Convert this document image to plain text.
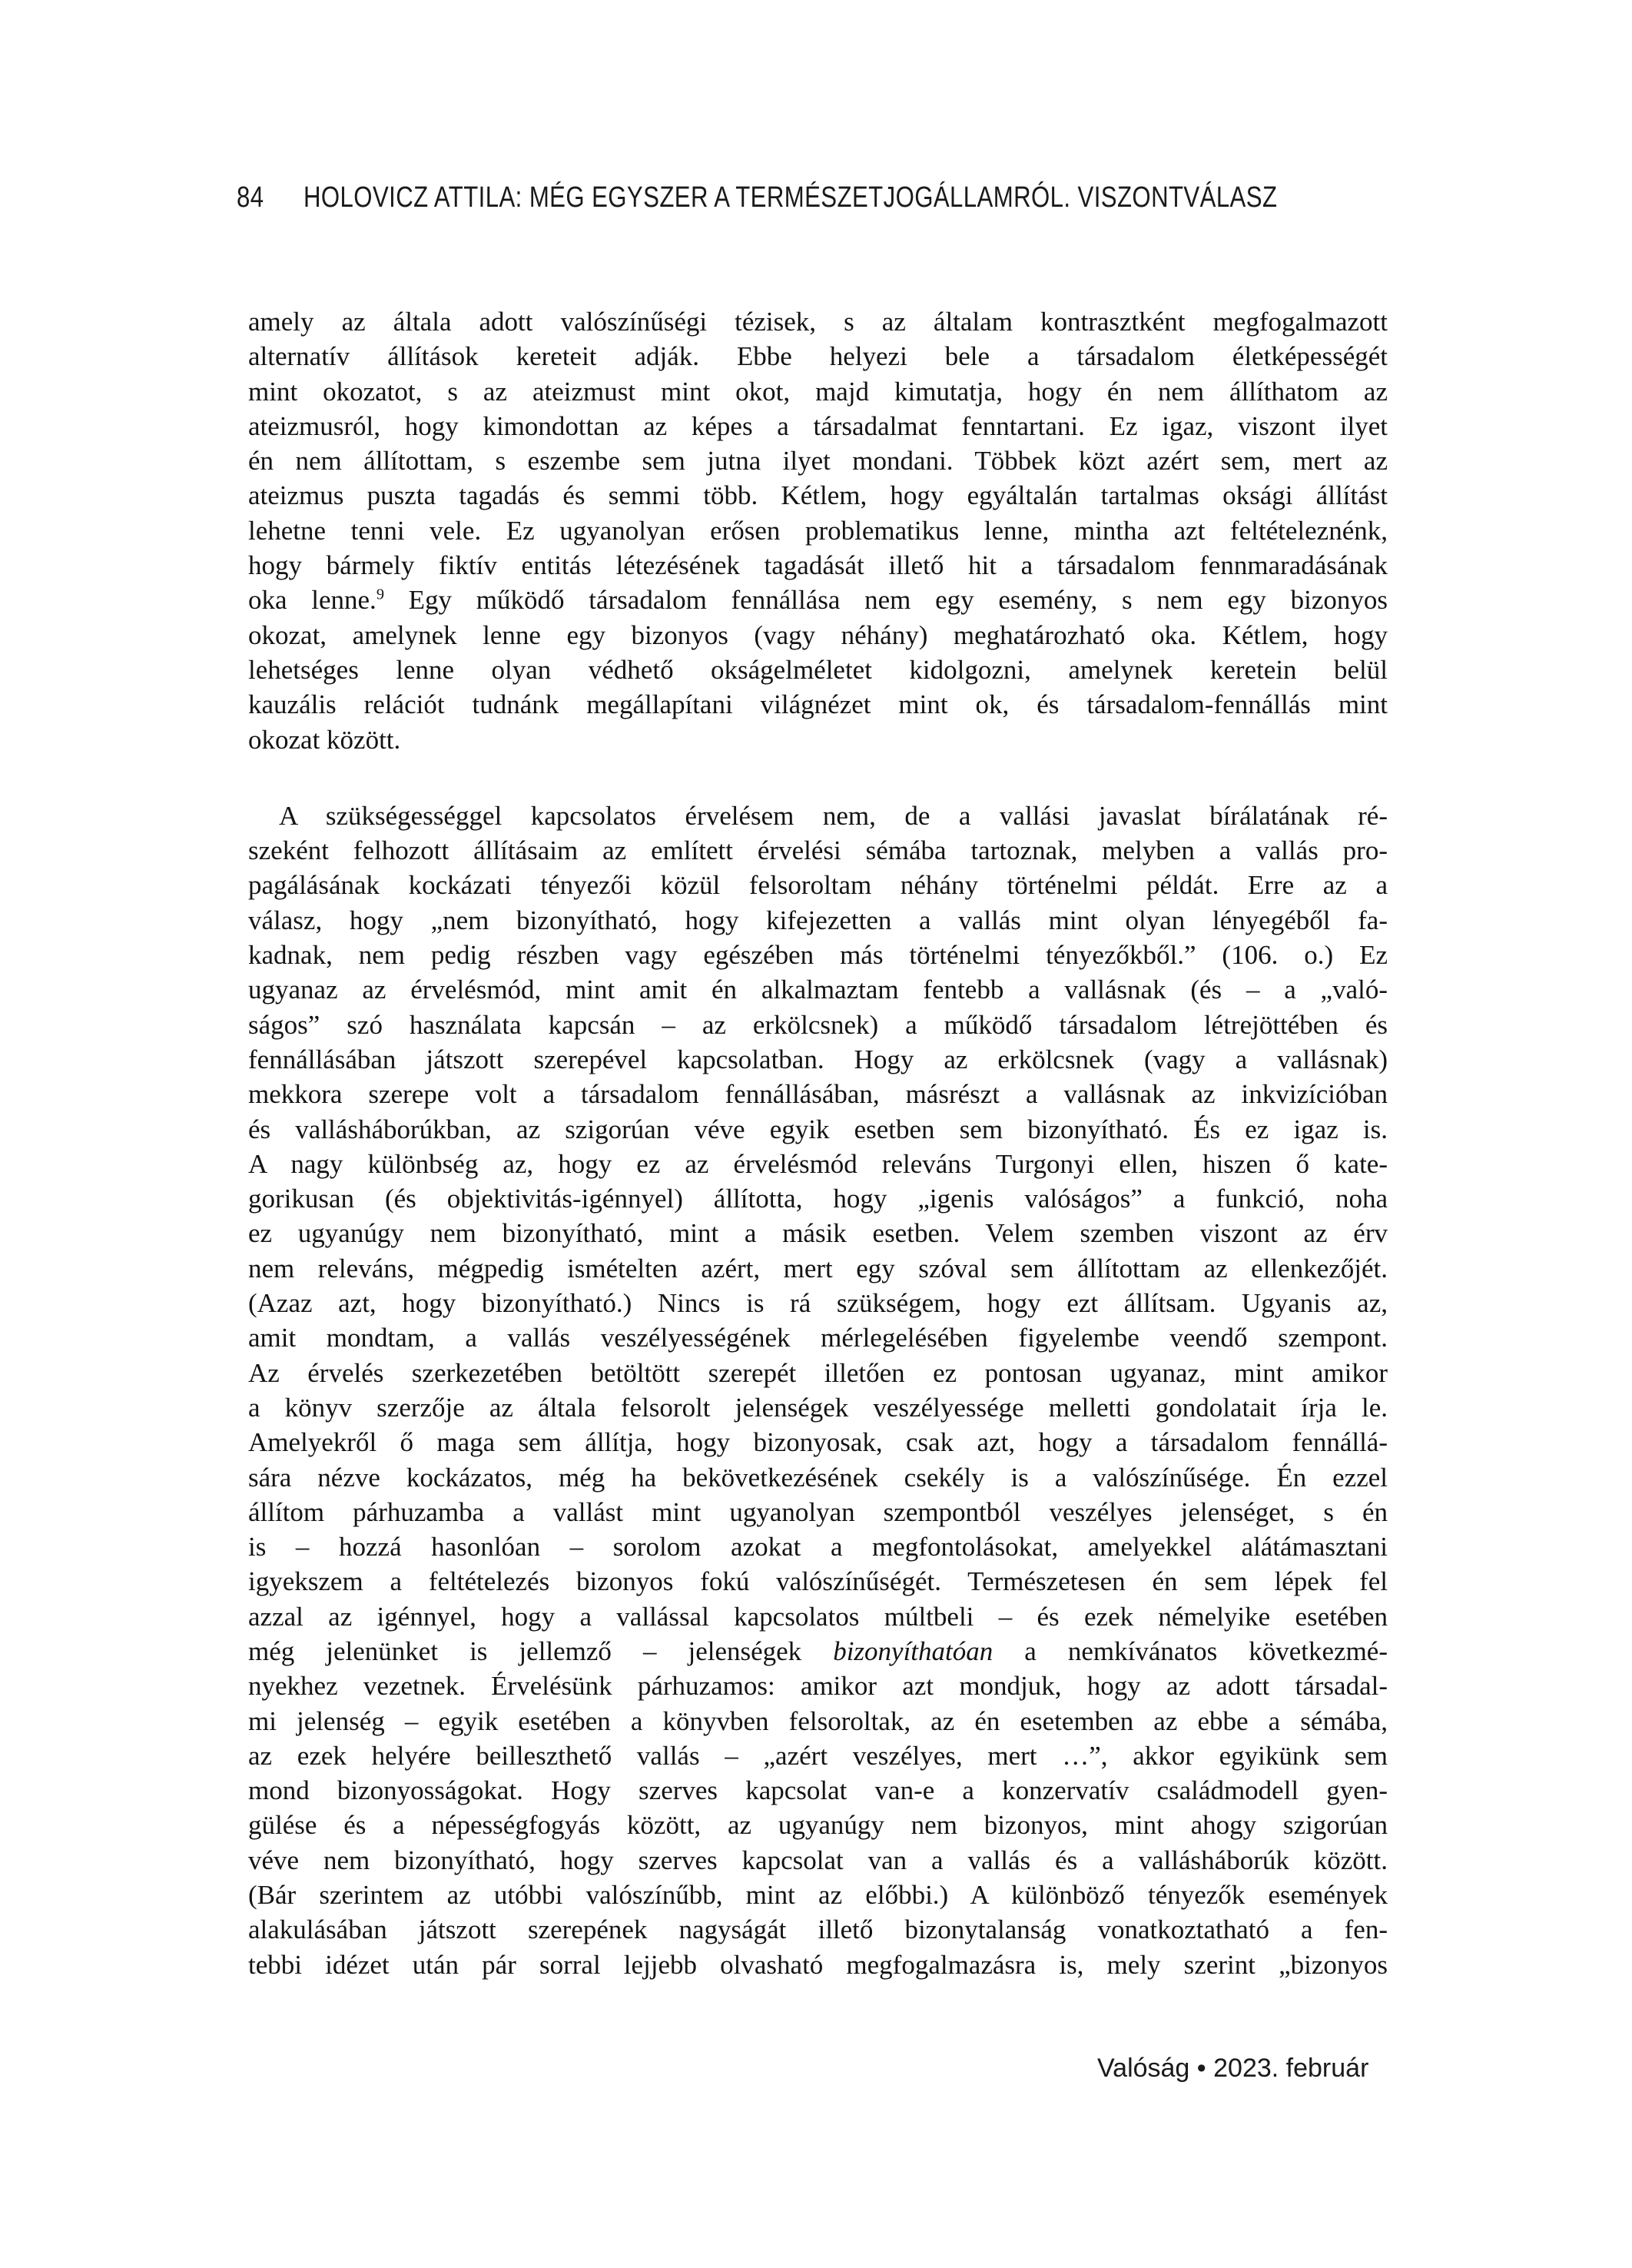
84 HOLOVICZ ATTILA: MÉG EGYSZER A TERMÉSZETJOGÁLLAMRÓL. VISZONTVÁLASZ
amely az általa adott valószínűségi tézisek, s az általam kontrasztként megfogalmazott
alternatív állítások kereteit adják. Ebbe helyezi bele a társadalom életképességét
mint okozatot, s az ateizmust mint okot, majd kimutatja, hogy én nem állíthatom az
ateizmusról, hogy kimondottan az képes a társadalmat fenntartani. Ez igaz, viszont ilyet
én nem állítottam, s eszembe sem jutna ilyet mondani. Többek közt azért sem, mert az
ateizmus puszta tagadás és semmi több. Kétlem, hogy egyáltalán tartalmas oksági állítást
lehetne tenni vele. Ez ugyanolyan erősen problematikus lenne, mintha azt feltételeznénk,
hogy bármely fiktív entitás létezésének tagadását illető hit a társadalom fennmaradásának
oka lenne.$^9$ Egy működő társadalom fennállása nem egy esemény, s nem egy bizonyos
okozat, amelynek lenne egy bizonyos (vagy néhány) meghatározható oka. Kétlem, hogy
lehetséges lenne olyan védhető okságelméletet kidolgozni, amelynek keretein belül
kauzális relációt tudnánk megállapítani világnézet mint ok, és társadalom-fennállás mint
okozat között.
A szükségességgel kapcsolatos érvelésem nem, de a vallási javaslat bírálatának ré-
szeként felhozott állításaim az említett érvelési sémába tartoznak, melyben a vallás pro-
pagálásának kockázati tényezői közül felsoroltam néhány történelmi példát. Erre az a
válasz, hogy „nem bizonyítható, hogy kifejezetten a vallás mint olyan lényegéből fa-
kadnak, nem pedig részben vagy egészében más történelmi tényezőkből.” (106. o.) Ez
ugyanaz az érvelésmód, mint amit én alkalmaztam fentebb a vallásnak (és – a „való-
ságos” szó használata kapcsán – az erkölcsnek) a működő társadalom létrejöttében és
fennállásában játszott szerepével kapcsolatban. Hogy az erkölcsnek (vagy a vallásnak)
mekkora szerepe volt a társadalom fennállásában, másrészt a vallásnak az inkvizícióban
és vallásháborúkban, az szigorúan véve egyik esetben sem bizonyítható. És ez igaz is.
A nagy különbség az, hogy ez az érvelésmód releváns Turgonyi ellen, hiszen ő kate-
gorikusan (és objektivitás-igénnyel) állította, hogy „igenis valóságos” a funkció, noha
ez ugyanúgy nem bizonyítható, mint a másik esetben. Velem szemben viszont az érv
nem releváns, mégpedig ismételten azért, mert egy szóval sem állítottam az ellenkezőjét.
(Azaz azt, hogy bizonyítható.) Nincs is rá szükségem, hogy ezt állítsam. Ugyanis az,
amit mondtam, a vallás veszélyességének mérlegelésében figyelembe veendő szempont.
Az érvelés szerkezetében betöltött szerepét illetően ez pontosan ugyanaz, mint amikor
a könyv szerzője az általa felsorolt jelenségek veszélyessége melletti gondolatait írja le.
Amelyekről ő maga sem állítja, hogy bizonyosak, csak azt, hogy a társadalom fennállá-
sára nézve kockázatos, még ha bekövetkezésének csekély is a valószínűsége. Én ezzel
állítom párhuzamba a vallást mint ugyanolyan szempontból veszélyes jelenséget, s én
is – hozzá hasonlóan – sorolom azokat a megfontolásokat, amelyekkel alátámasztani
igyekszem a feltételezés bizonyos fokú valószínűségét. Természetesen én sem lépek fel
azzal az igénnyel, hogy a vallással kapcsolatos múltbeli – és ezek némelyike esetében
még jelenünket is jellemző – jelenségek bizonyíthatóan a nemkívánatos következmé-
nyekhez vezetnek. Érvelésünk párhuzamos: amikor azt mondjuk, hogy az adott társadal-
mi jelenség – egyik esetében a könyvben felsoroltak, az én esetemben az ebbe a sémába,
az ezek helyére beilleszthető vallás – „azért veszélyes, mert …”, akkor egyikünk sem
mond bizonyosságokat. Hogy szerves kapcsolat van-e a konzervatív családmodell gyen-
gülése és a népességfogyás között, az ugyanúgy nem bizonyos, mint ahogy szigorúan
véve nem bizonyítható, hogy szerves kapcsolat van a vallás és a vallásháborúk között.
(Bár szerintem az utóbbi valószínűbb, mint az előbbi.) A különböző tényezők események
alakulásában játszott szerepének nagyságát illető bizonytalanság vonatkoztatható a fen-
tebbi idézet után pár sorral lejjebb olvasható megfogalmazásra is, mely szerint „bizonyos
Valóság • 2023. február
